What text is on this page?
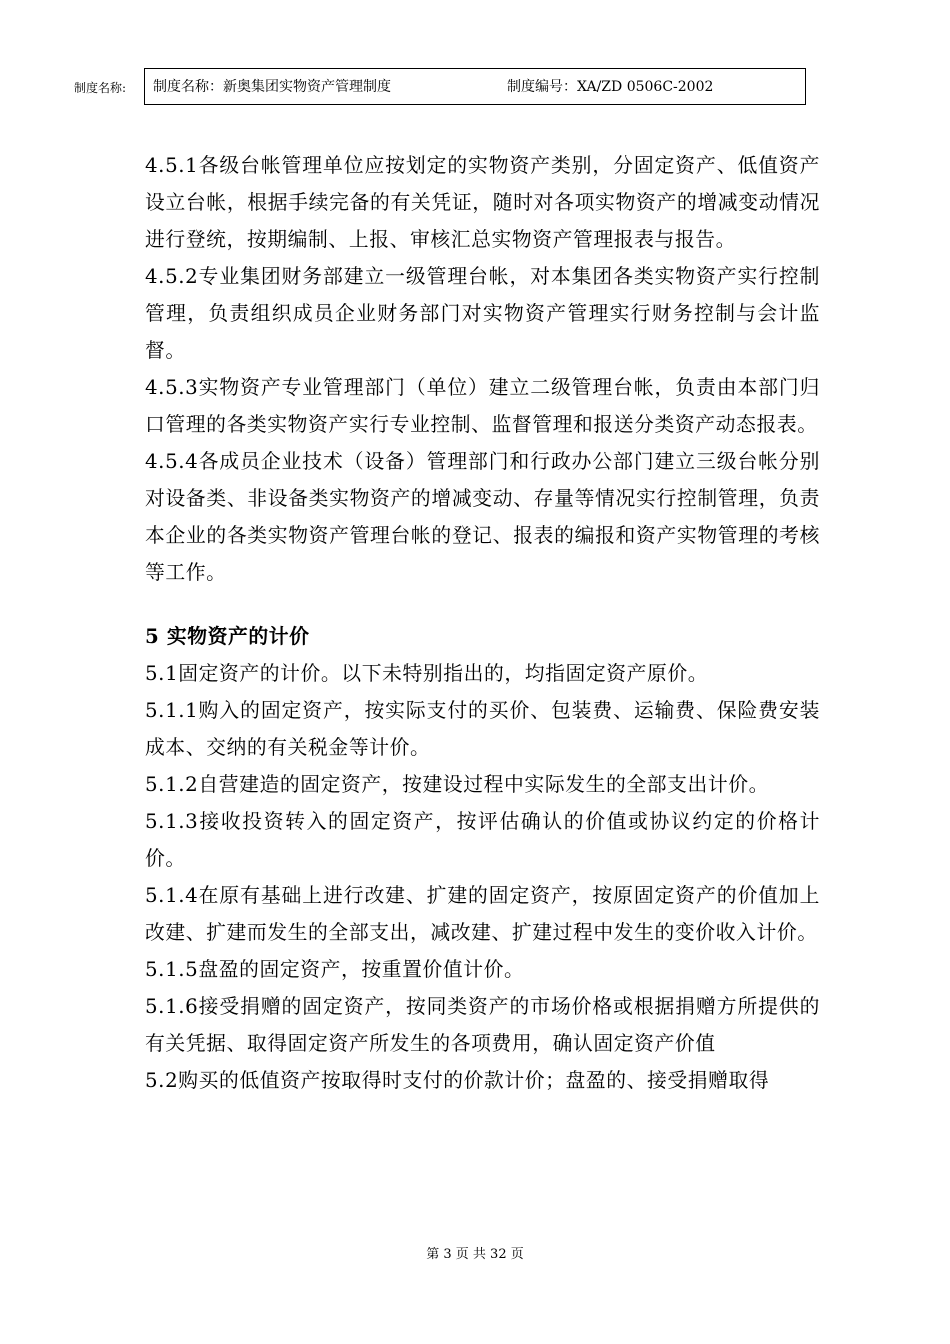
制度名称: 制度名称：新奥集团实物资产管理制度	制度编号：XA/ZD 0506C-2002

4.5.1各级台帐管理单位应按划定的实物资产类别，分固定资产、低值资产设立台帐，根据手续完备的有关凭证，随时对各项实物资产的增减变动情况进行登统，按期编制、上报、审核汇总实物资产管理报表与报告。

4.5.2专业集团财务部建立一级管理台帐，对本集团各类实物资产实行控制管理，负责组织成员企业财务部门对实物资产管理实行财务控制与会计监督。

4.5.3实物资产专业管理部门（单位）建立二级管理台帐，负责由本部门归口管理的各类实物资产实行专业控制、监督管理和报送分类资产动态报表。

4.5.4各成员企业技术（设备）管理部门和行政办公部门建立三级台帐分别对设备类、非设备类实物资产的增减变动、存量等情况实行控制管理，负责本企业的各类实物资产管理台帐的登记、报表的编报和资产实物管理的考核等工作。

5 实物资产的计价

5.1固定资产的计价。以下未特别指出的，均指固定资产原价。

5.1.1购入的固定资产，按实际支付的买价、包装费、运输费、保险费安装成本、交纳的有关税金等计价。

5.1.2自营建造的固定资产，按建设过程中实际发生的全部支出计价。

5.1.3接收投资转入的固定资产，按评估确认的价值或协议约定的价格计价。

5.1.4在原有基础上进行改建、扩建的固定资产，按原固定资产的价值加上改建、扩建而发生的全部支出，减改建、扩建过程中发生的变价收入计价。

5.1.5盘盈的固定资产，按重置价值计价。

5.1.6接受捐赠的固定资产，按同类资产的市场价格或根据捐赠方所提供的有关凭据、取得固定资产所发生的各项费用，确认固定资产价值

5.2购买的低值资产按取得时支付的价款计价；盘盈的、接受捐赠取得

第 3 页 共 32 页
